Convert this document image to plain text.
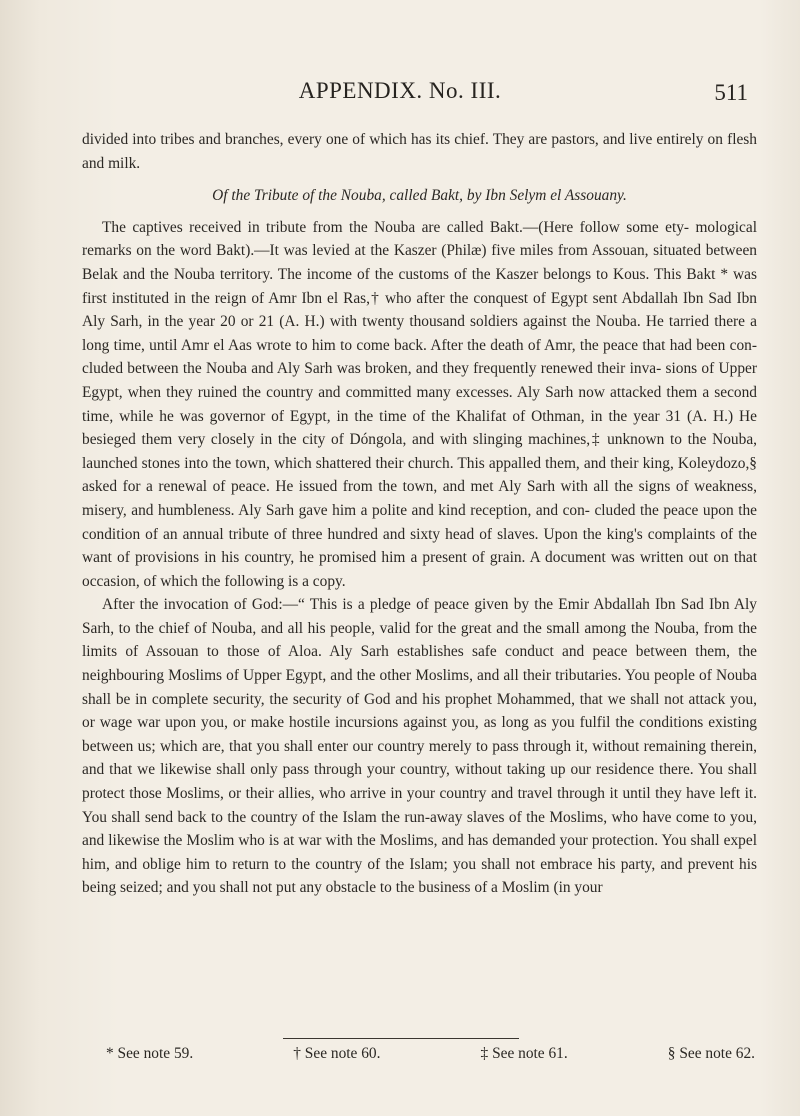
APPENDIX. No. III.	511

divided into tribes and branches, every one of which has its chief. They are pastors, and live entirely on flesh and milk.

Of the Tribute of the Nouba, called Bakt, by Ibn Selym el Assouany.

The captives received in tribute from the Nouba are called Bakt.—(Here follow some ety- mological remarks on the word Bakt).—It was levied at the Kaszer (Philæ) five miles from Assouan, situated between Belak and the Nouba territory. The income of the customs of the Kaszer belongs to Kous. This Bakt * was first instituted in the reign of Amr Ibn el Ras,† who after the conquest of Egypt sent Abdallah Ibn Sad Ibn Aly Sarh, in the year 20 or 21 (A. H.) with twenty thousand soldiers against the Nouba. He tarried there a long time, until Amr el Aas wrote to him to come back. After the death of Amr, the peace that had been con- cluded between the Nouba and Aly Sarh was broken, and they frequently renewed their inva- sions of Upper Egypt, when they ruined the country and committed many excesses. Aly Sarh now attacked them a second time, while he was governor of Egypt, in the time of the Khalifat of Othman, in the year 31 (A. H.) He besieged them very closely in the city of Dóngola, and with slinging machines,‡ unknown to the Nouba, launched stones into the town, which shattered their church. This appalled them, and their king, Koleydozo,§ asked for a renewal of peace. He issued from the town, and met Aly Sarh with all the signs of weakness, misery, and humbleness. Aly Sarh gave him a polite and kind reception, and con- cluded the peace upon the condition of an annual tribute of three hundred and sixty head of slaves. Upon the king's complaints of the want of provisions in his country, he promised him a present of grain. A document was written out on that occasion, of which the following is a copy.

After the invocation of God:—“ This is a pledge of peace given by the Emir Abdallah Ibn Sad Ibn Aly Sarh, to the chief of Nouba, and all his people, valid for the great and the small among the Nouba, from the limits of Assouan to those of Aloa. Aly Sarh establishes safe conduct and peace between them, the neighbouring Moslims of Upper Egypt, and the other Moslims, and all their tributaries. You people of Nouba shall be in complete security, the security of God and his prophet Mohammed, that we shall not attack you, or wage war upon you, or make hostile incursions against you, as long as you fulfil the conditions existing between us; which are, that you shall enter our country merely to pass through it, without remaining therein, and that we likewise shall only pass through your country, without taking up our residence there. You shall protect those Moslims, or their allies, who arrive in your country and travel through it until they have left it. You shall send back to the country of the Islam the run-away slaves of the Moslims, who have come to you, and likewise the Moslim who is at war with the Moslims, and has demanded your protection. You shall expel him, and oblige him to return to the country of the Islam; you shall not embrace his party, and prevent his being seized; and you shall not put any obstacle to the business of a Moslim (in your

* See note 59.	† See note 60.	‡ See note 61.	§ See note 62.
